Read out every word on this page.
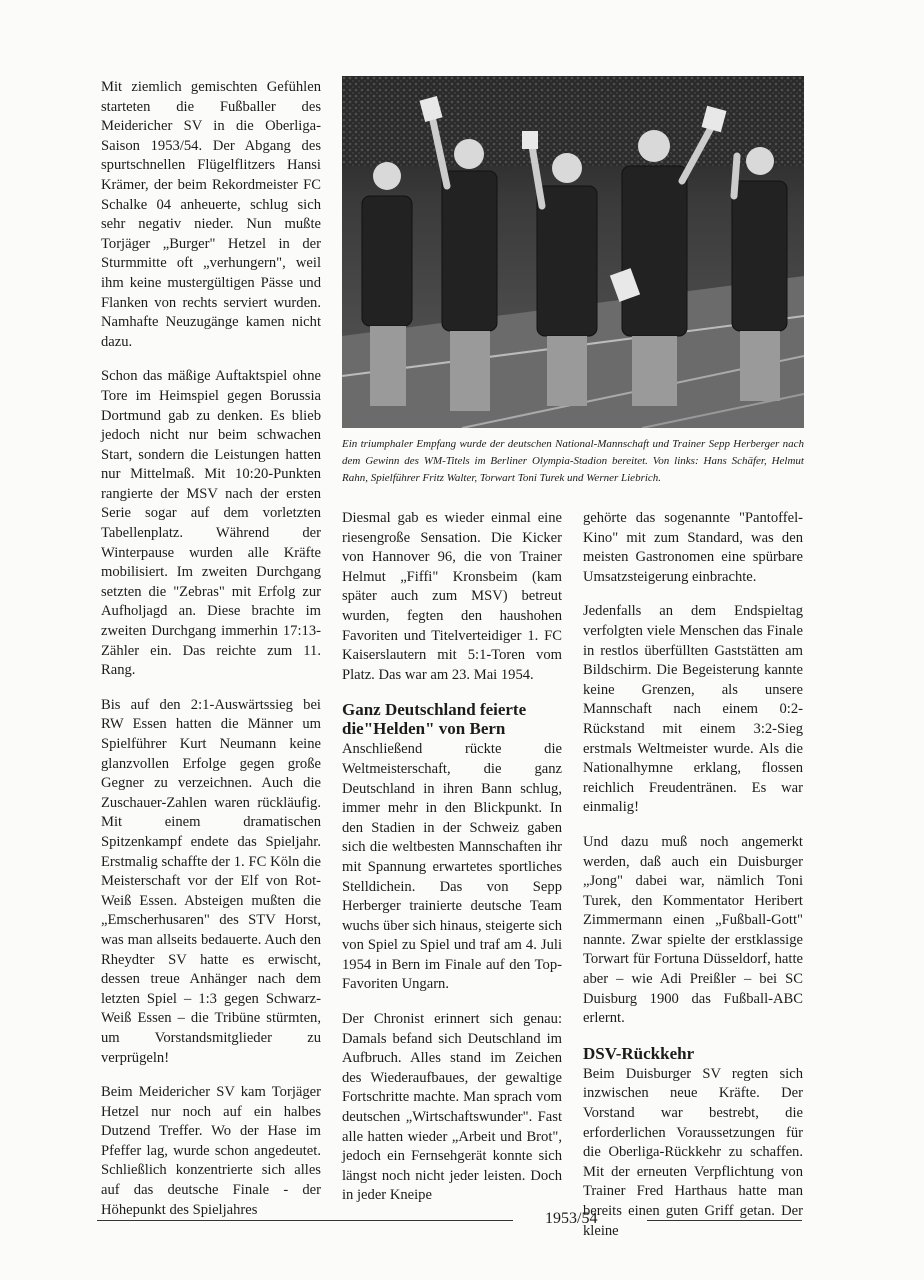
Mit ziemlich gemischten Gefühlen starteten die Fußballer des Meidericher SV in die Oberliga-Saison 1953/54. Der Abgang des spurtschnellen Flügelflitzers Hansi Krämer, der beim Rekordmeister FC Schalke 04 anheuerte, schlug sich sehr negativ nieder. Nun mußte Torjäger „Burger" Hetzel in der Sturmmitte oft „verhungern", weil ihm keine mustergültigen Pässe und Flanken von rechts serviert wurden. Namhafte Neuzugänge kamen nicht dazu.

Schon das mäßige Auftaktspiel ohne Tore im Heimspiel gegen Borussia Dortmund gab zu denken. Es blieb jedoch nicht nur beim schwachen Start, sondern die Leistungen hatten nur Mittelmaß. Mit 10:20-Punkten rangierte der MSV nach der ersten Serie sogar auf dem vorletzten Tabellenplatz. Während der Winterpause wurden alle Kräfte mobilisiert. Im zweiten Durchgang setzten die "Zebras" mit Erfolg zur Aufholjagd an. Diese brachte im zweiten Durchgang immerhin 17:13-Zähler ein. Das reichte zum 11. Rang.

Bis auf den 2:1-Auswärtssieg bei RW Essen hatten die Männer um Spielführer Kurt Neumann keine glanzvollen Erfolge gegen große Gegner zu verzeichnen. Auch die Zuschauer-Zahlen waren rückläufig. Mit einem dramatischen Spitzenkampf endete das Spieljahr. Erstmalig schaffte der 1. FC Köln die Meisterschaft vor der Elf von Rot-Weiß Essen. Absteigen mußten die „Emscherhusaren" des STV Horst, was man allseits bedauerte. Auch den Rheydter SV hatte es erwischt, dessen treue Anhänger nach dem letzten Spiel – 1:3 gegen Schwarz-Weiß Essen – die Tribüne stürmten, um Vorstandsmitglieder zu verprügeln!

Beim Meidericher SV kam Torjäger Hetzel nur noch auf ein halbes Dutzend Treffer. Wo der Hase im Pfeffer lag, wurde schon angedeutet. Schließlich konzentrierte sich alles auf das deutsche Finale - der Höhepunkt des Spieljahres

Ein triumphaler Empfang wurde der deutschen National-Mannschaft und Trainer Sepp Herberger nach dem Gewinn des WM-Titels im Berliner Olympia-Stadion bereitet. Von links: Hans Schäfer, Helmut Rahn, Spielführer Fritz Walter, Torwart Toni Turek und Werner Liebrich.

Diesmal gab es wieder einmal eine riesengroße Sensation. Die Kicker von Hannover 96, die von Trainer Helmut „Fiffi" Kronsbeim (kam später auch zum MSV) betreut wurden, fegten den haushohen Favoriten und Titelverteidiger 1. FC Kaiserslautern mit 5:1-Toren vom Platz. Das war am 23. Mai 1954.

Ganz Deutschland feierte die"Helden" von Bern

Anschließend rückte die Weltmeisterschaft, die ganz Deutschland in ihren Bann schlug, immer mehr in den Blickpunkt. In den Stadien in der Schweiz gaben sich die weltbesten Mannschaften ihr mit Spannung erwartetes sportliches Stelldichein. Das von Sepp Herberger trainierte deutsche Team wuchs über sich hinaus, steigerte sich von Spiel zu Spiel und traf am 4. Juli 1954 in Bern im Finale auf den Top-Favoriten Ungarn.

Der Chronist erinnert sich genau: Damals befand sich Deutschland im Aufbruch. Alles stand im Zeichen des Wiederaufbaues, der gewaltige Fortschritte machte. Man sprach vom deutschen „Wirtschaftswunder". Fast alle hatten wieder „Arbeit und Brot", jedoch ein Fernsehgerät konnte sich längst noch nicht jeder leisten. Doch in jeder Kneipe

gehörte das sogenannte "Pantoffel-Kino" mit zum Standard, was den meisten Gastronomen eine spürbare Umsatzsteigerung einbrachte.

Jedenfalls an dem Endspieltag verfolgten viele Menschen das Finale in restlos überfüllten Gaststätten am Bildschirm. Die Begeisterung kannte keine Grenzen, als unsere Mannschaft nach einem 0:2-Rückstand mit einem 3:2-Sieg erstmals Weltmeister wurde. Als die Nationalhymne erklang, flossen reichlich Freudentränen. Es war einmalig!

Und dazu muß noch angemerkt werden, daß auch ein Duisburger „Jong" dabei war, nämlich Toni Turek, den Kommentator Heribert Zimmermann einen „Fußball-Gott" nannte. Zwar spielte der erstklassige Torwart für Fortuna Düsseldorf, hatte aber – wie Adi Preißler – bei SC Duisburg 1900 das Fußball-ABC erlernt.

DSV-Rückkehr

Beim Duisburger SV regten sich inzwischen neue Kräfte. Der Vorstand war bestrebt, die erforderlichen Voraussetzungen für die Oberliga-Rückkehr zu schaffen. Mit der erneuten Verpflichtung von Trainer Fred Harthaus hatte man bereits einen guten Griff getan. Der kleine

1953/54
